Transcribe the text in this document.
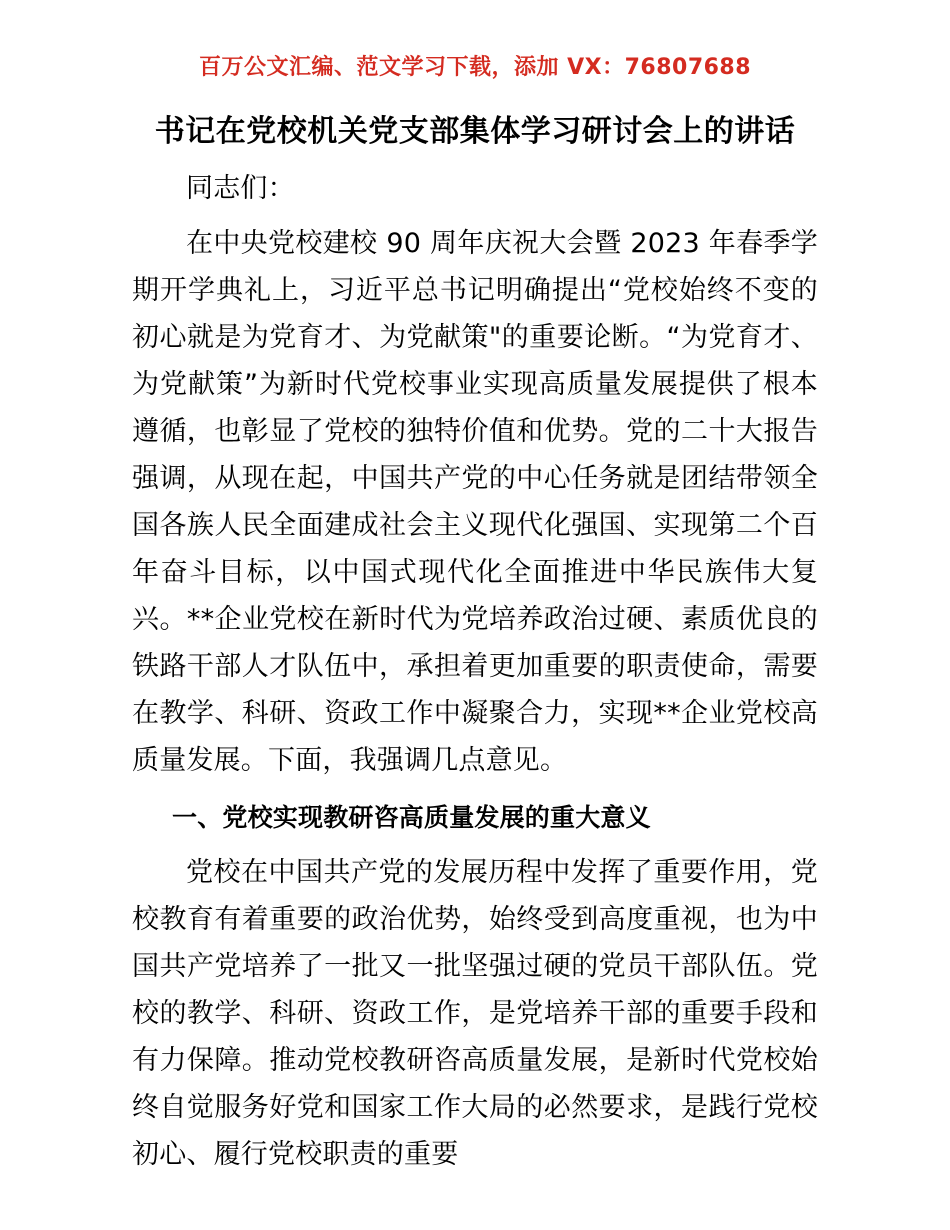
百万公文汇编、范文学习下载，添加 VX：76807688
书记在党校机关党支部集体学习研讨会上的讲话

同志们：

在中央党校建校 90 周年庆祝大会暨 2023 年春季学期开学典礼上，习近平总书记明确提出“党校始终不变的初心就是为党育才、为党献策"的重要论断。“为党育才、为党献策”为新时代党校事业实现高质量发展提供了根本遵循，也彰显了党校的独特价值和优势。党的二十大报告强调，从现在起，中国共产党的中心任务就是团结带领全国各族人民全面建成社会主义现代化强国、实现第二个百年奋斗目标，以中国式现代化全面推进中华民族伟大复兴。**企业党校在新时代为党培养政治过硬、素质优良的铁路干部人才队伍中，承担着更加重要的职责使命，需要在教学、科研、资政工作中凝聚合力，实现**企业党校高质量发展。下面，我强调几点意见。

一、党校实现教研咨高质量发展的重大意义

党校在中国共产党的发展历程中发挥了重要作用，党校教育有着重要的政治优势，始终受到高度重视，也为中国共产党培养了一批又一批坚强过硬的党员干部队伍。党校的教学、科研、资政工作，是党培养干部的重要手段和有力保障。推动党校教研咨高质量发展，是新时代党校始终自觉服务好党和国家工作大局的必然要求，是践行党校初心、履行党校职责的重要
